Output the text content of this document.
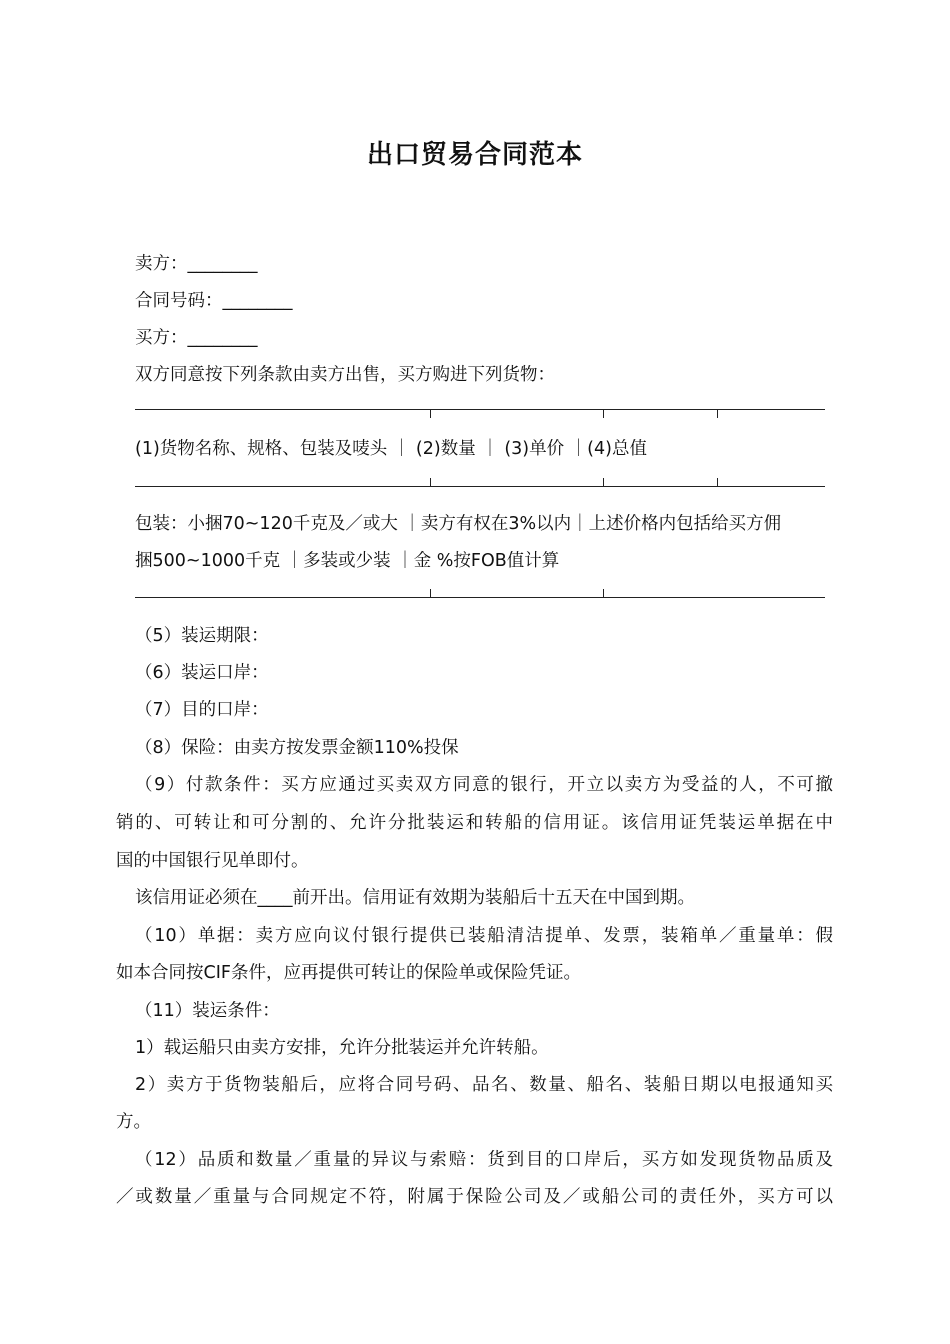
出口贸易合同范本
卖方：________
合同号码：________
买方：________
双方同意按下列条款由卖方出售，买方购进下列货物：
(1)货物名称、规格、包装及唛头 ｜ (2)数量 ｜ (3)单价 ｜(4)总值
包装：小捆70~120千克及／或大 ｜卖方有权在3%以内｜上述价格内包括给买方佣
捆500~1000千克 ｜多装或少装 ｜金 %按FOB值计算
（5）装运期限：
（6）装运口岸：
（7）目的口岸：
（8）保险：由卖方按发票金额110%投保
（9）付款条件：买方应通过买卖双方同意的银行，开立以卖方为受益的人，不可撤
销的、可转让和可分割的、允许分批装运和转船的信用证。该信用证凭装运单据在中
国的中国银行见单即付。
该信用证必须在____前开出。信用证有效期为装船后十五天在中国到期。
（10）单据：卖方应向议付银行提供已装船清洁提单、发票，装箱单／重量单：假
如本合同按CIF条件，应再提供可转让的保险单或保险凭证。
（11）装运条件：
1）载运船只由卖方安排，允许分批装运并允许转船。
2）卖方于货物装船后，应将合同号码、品名、数量、船名、装船日期以电报通知买
方。
（12）品质和数量／重量的异议与索赔：货到目的口岸后，买方如发现货物品质及
／或数量／重量与合同规定不符，附属于保险公司及／或船公司的责任外，买方可以
